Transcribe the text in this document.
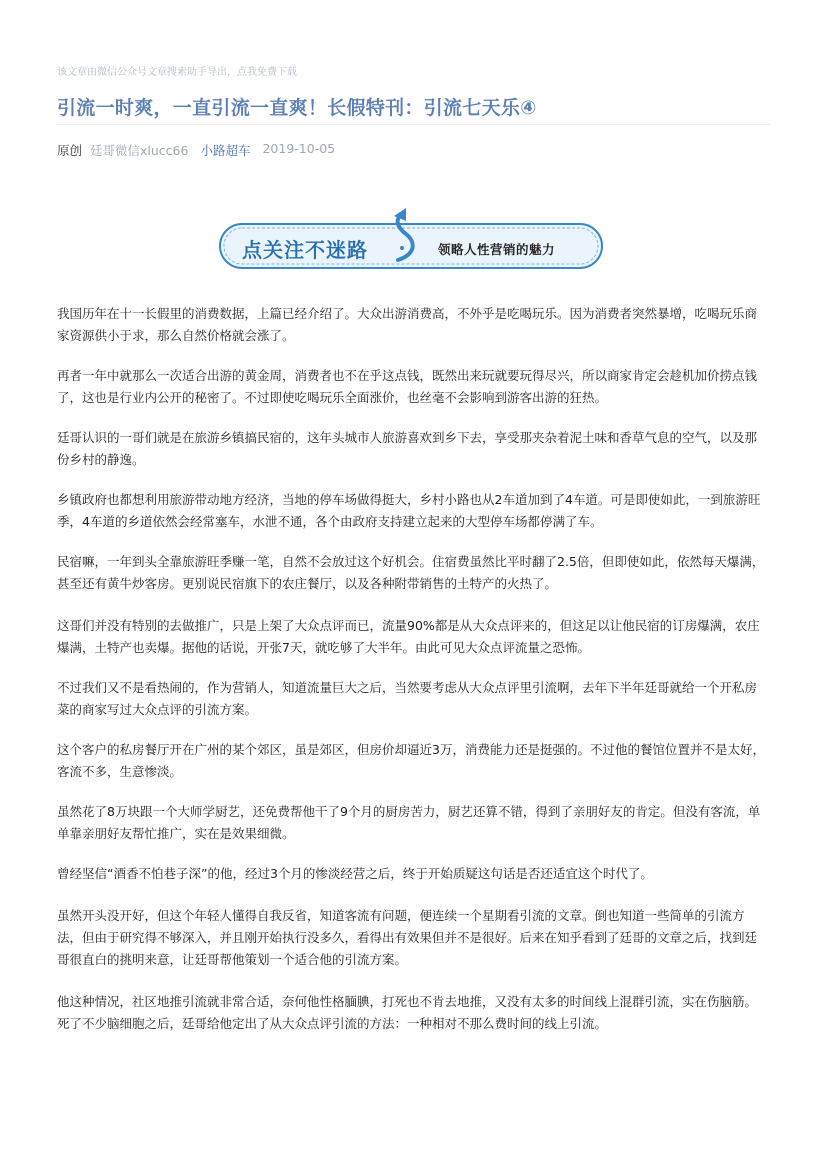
该文章由微信公众号文章搜索助手导出，点我免费下载
引流一时爽，一直引流一直爽！长假特刊：引流七天乐④
原创 廷哥微信xlucc66 小路超车 2019-10-05
点关注不迷路	领略人性营销的魅力

我国历年在十一长假里的消费数据，上篇已经介绍了。大众出游消费高，不外乎是吃喝玩乐。因为消费者突然暴增，吃喝玩乐商家资源供小于求，那么自然价格就会涨了。

再者一年中就那么一次适合出游的黄金周，消费者也不在乎这点钱，既然出来玩就要玩得尽兴，所以商家肯定会趁机加价捞点钱了，这也是行业内公开的秘密了。不过即使吃喝玩乐全面涨价，也丝毫不会影响到游客出游的狂热。

廷哥认识的一哥们就是在旅游乡镇搞民宿的，这年头城市人旅游喜欢到乡下去，享受那夹杂着泥土味和香草气息的空气，以及那份乡村的静逸。

乡镇政府也都想利用旅游带动地方经济，当地的停车场做得挺大，乡村小路也从2车道加到了4车道。可是即使如此，一到旅游旺季，4车道的乡道依然会经常塞车，水泄不通，各个由政府支持建立起来的大型停车场都停满了车。

民宿嘛，一年到头全靠旅游旺季赚一笔，自然不会放过这个好机会。住宿费虽然比平时翻了2.5倍，但即使如此，依然每天爆满，甚至还有黄牛炒客房。更别说民宿旗下的农庄餐厅，以及各种附带销售的土特产的火热了。

这哥们并没有特别的去做推广，只是上架了大众点评而已，流量90%都是从大众点评来的，但这足以让他民宿的订房爆满，农庄爆满，土特产也卖爆。据他的话说，开张7天，就吃够了大半年。由此可见大众点评流量之恐怖。

不过我们又不是看热闹的，作为营销人，知道流量巨大之后，当然要考虑从大众点评里引流啊，去年下半年廷哥就给一个开私房菜的商家写过大众点评的引流方案。

这个客户的私房餐厅开在广州的某个郊区，虽是郊区，但房价却逼近3万，消费能力还是挺强的。不过他的餐馆位置并不是太好，客流不多，生意惨淡。

虽然花了8万块跟一个大师学厨艺，还免费帮他干了9个月的厨房苦力，厨艺还算不错，得到了亲朋好友的肯定。但没有客流，单单靠亲朋好友帮忙推广，实在是效果细微。

曾经坚信“酒香不怕巷子深”的他，经过3个月的惨淡经营之后，终于开始质疑这句话是否还适宜这个时代了。

虽然开头没开好，但这个年轻人懂得自我反省，知道客流有问题，便连续一个星期看引流的文章。倒也知道一些简单的引流方法，但由于研究得不够深入，并且刚开始执行没多久，看得出有效果但并不是很好。后来在知乎看到了廷哥的文章之后，找到廷哥很直白的挑明来意，让廷哥帮他策划一个适合他的引流方案。

他这种情况，社区地推引流就非常合适，奈何他性格腼腆，打死也不肯去地推，又没有太多的时间线上混群引流，实在伤脑筋。死了不少脑细胞之后，廷哥给他定出了从大众点评引流的方法：一种相对不那么费时间的线上引流。
